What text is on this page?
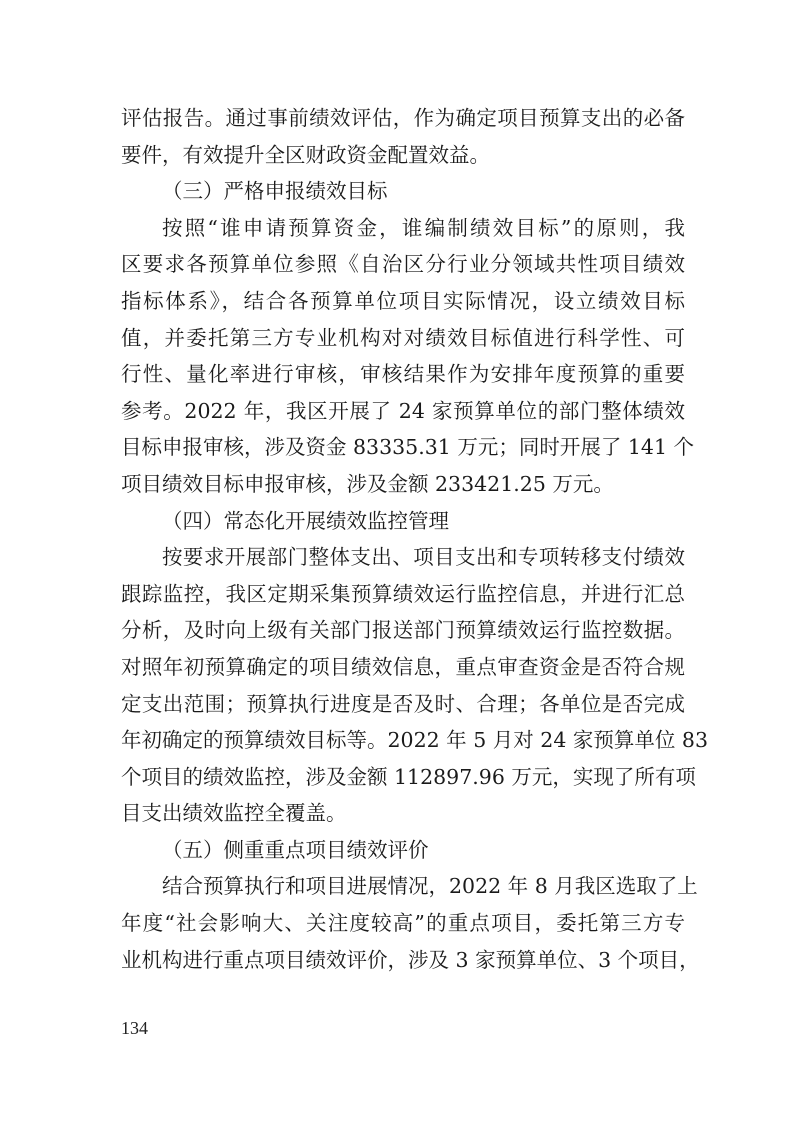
评估报告。通过事前绩效评估，作为确定项目预算支出的必备
要件，有效提升全区财政资金配置效益。
（三）严格申报绩效目标
按照“谁申请预算资金，谁编制绩效目标”的原则，我
区要求各预算单位参照《自治区分行业分领域共性项目绩效
指标体系》，结合各预算单位项目实际情况，设立绩效目标
值，并委托第三方专业机构对对绩效目标值进行科学性、可
行性、量化率进行审核，审核结果作为安排年度预算的重要
参考。2022 年，我区开展了 24 家预算单位的部门整体绩效
目标申报审核，涉及资金 83335.31 万元；同时开展了 141 个
项目绩效目标申报审核，涉及金额 233421.25 万元。
（四）常态化开展绩效监控管理
按要求开展部门整体支出、项目支出和专项转移支付绩效
跟踪监控，我区定期采集预算绩效运行监控信息，并进行汇总
分析，及时向上级有关部门报送部门预算绩效运行监控数据。
对照年初预算确定的项目绩效信息，重点审查资金是否符合规
定支出范围；预算执行进度是否及时、合理；各单位是否完成
年初确定的预算绩效目标等。2022 年 5 月对 24 家预算单位 83
个项目的绩效监控，涉及金额 112897.96 万元，实现了所有项
目支出绩效监控全覆盖。
（五）侧重重点项目绩效评价
结合预算执行和项目进展情况，2022 年 8 月我区选取了上
年度“社会影响大、关注度较高”的重点项目，委托第三方专
业机构进行重点项目绩效评价，涉及 3 家预算单位、3 个项目，
134
